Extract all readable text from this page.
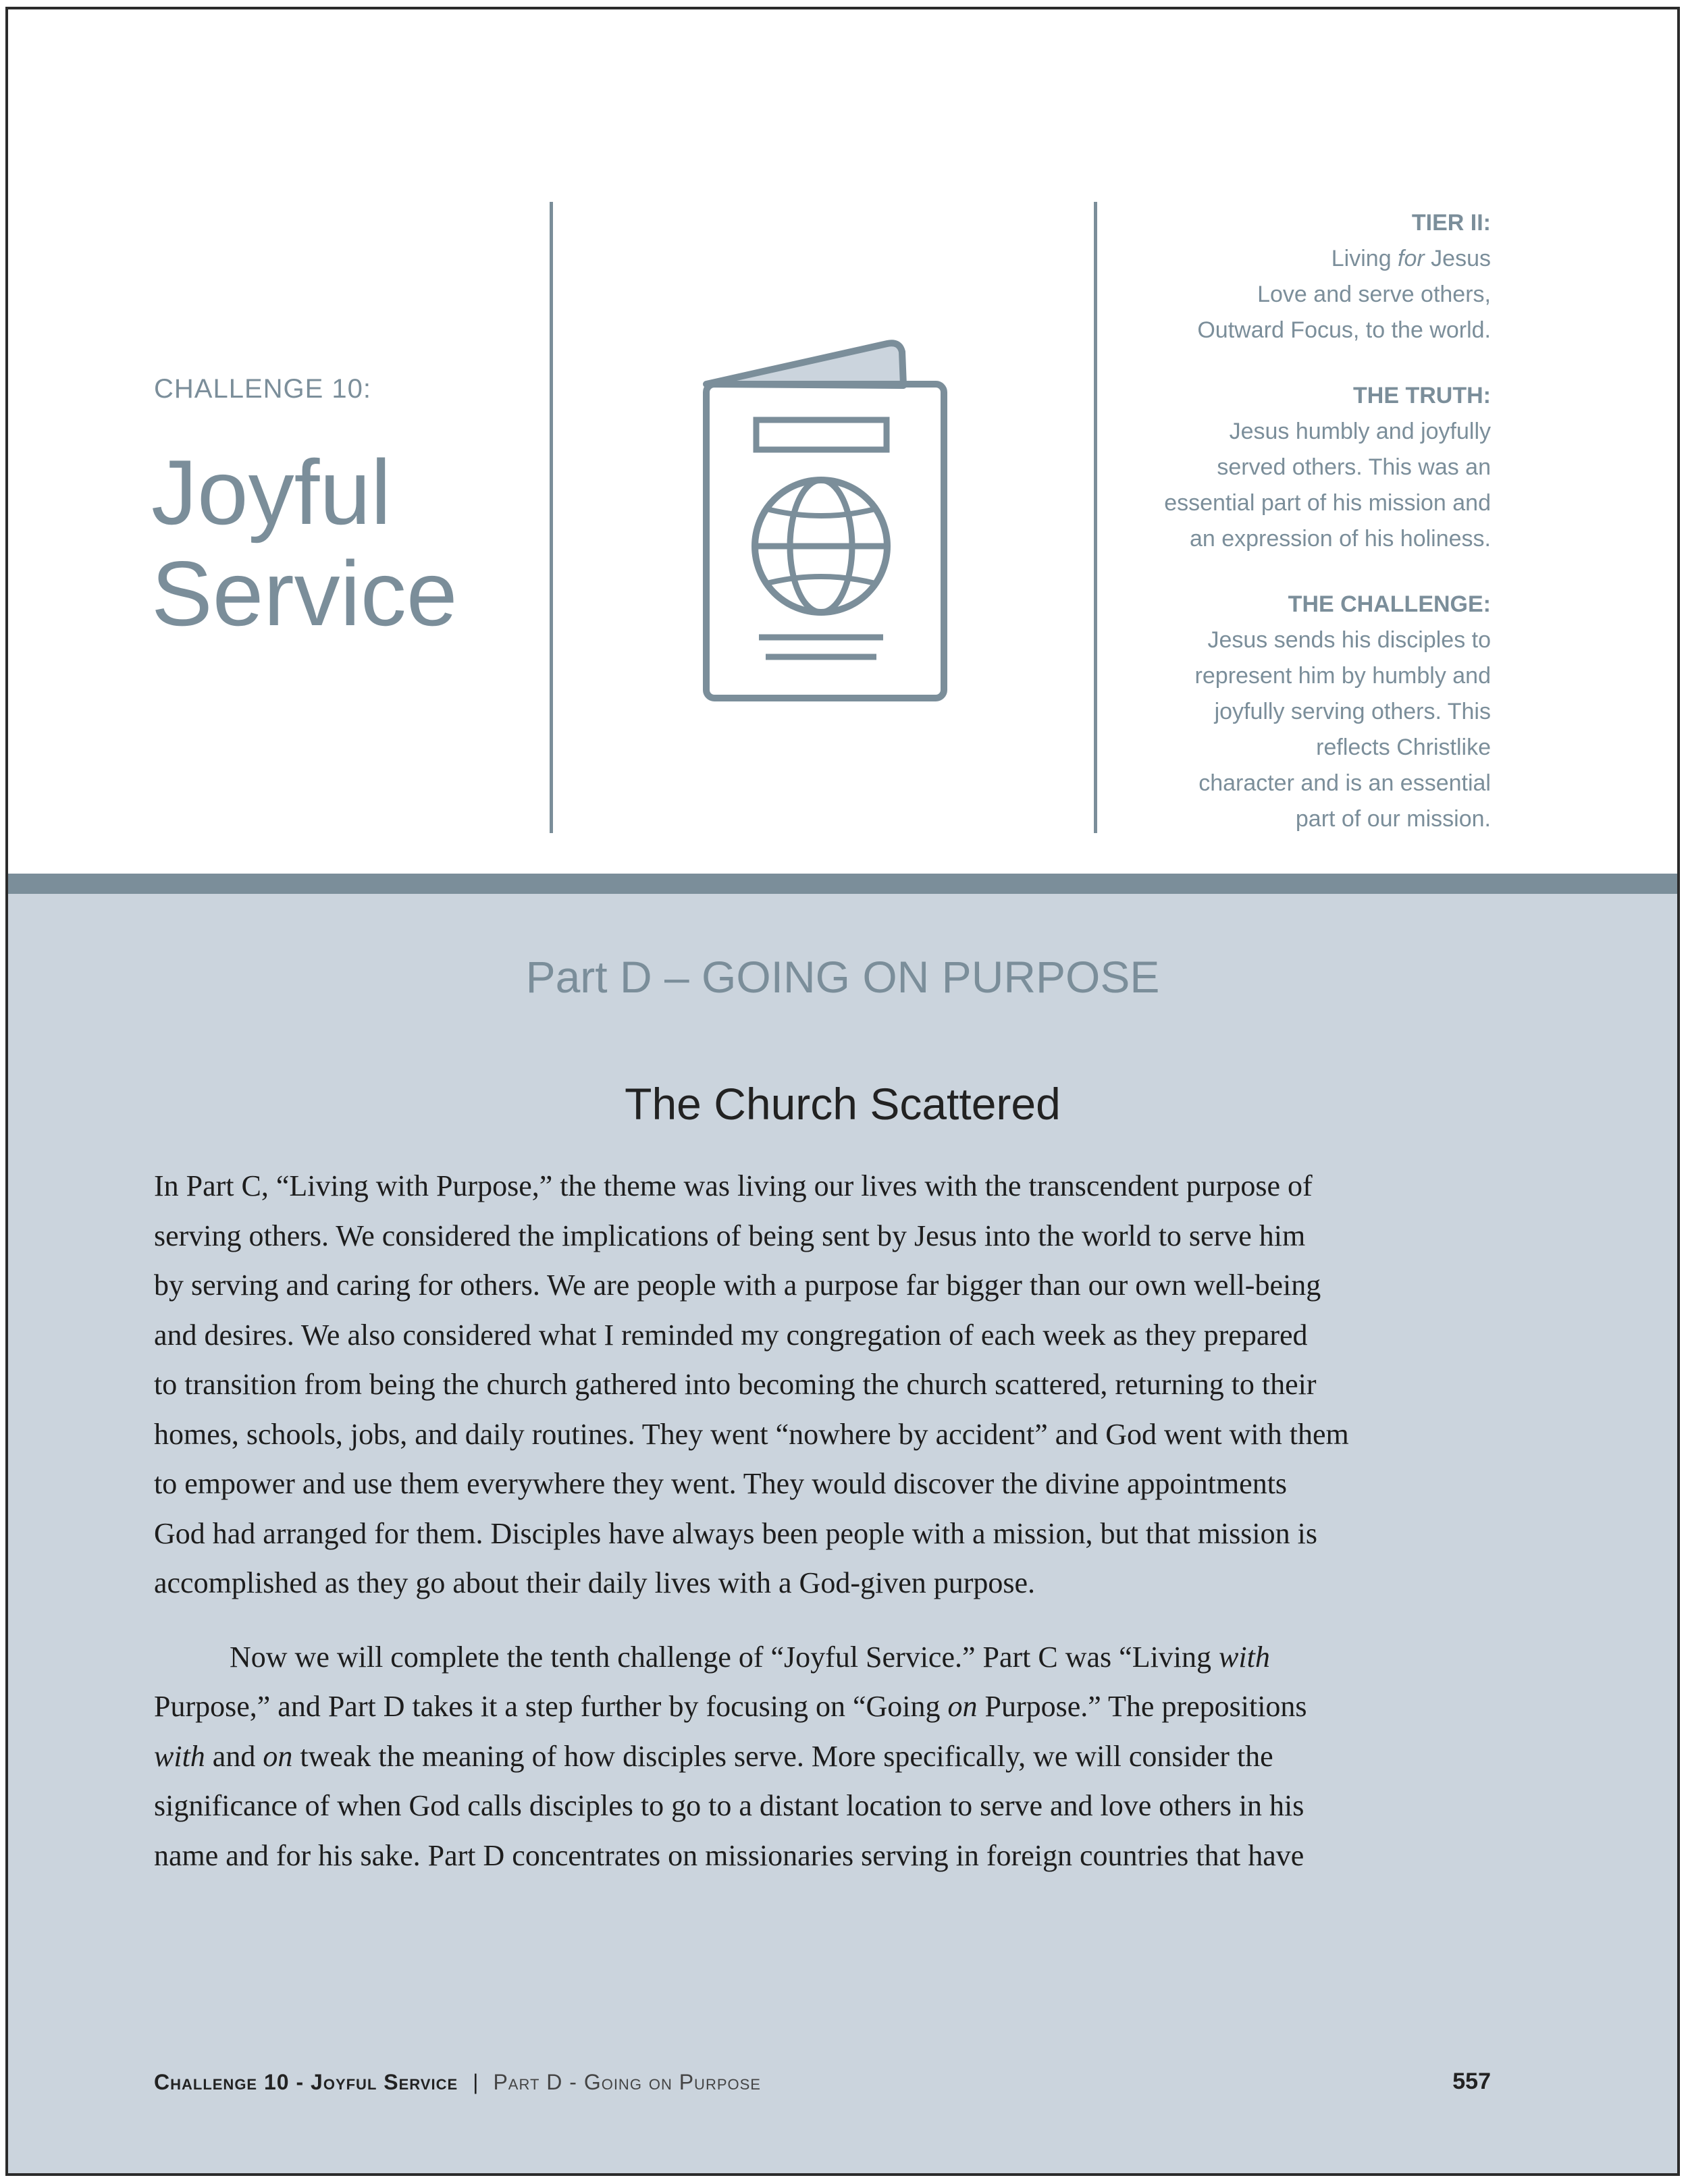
CHALLENGE 10:
Joyful
Service
TIER II:
Living for Jesus
Love and serve others,
Outward Focus, to the world.
THE TRUTH:
Jesus humbly and joyfully
served others. This was an
essential part of his mission and
an expression of his holiness.
THE CHALLENGE:
Jesus sends his disciples to
represent him by humbly and
joyfully serving others. This
reflects Christlike
character and is an essential
part of our mission.
Part D – GOING ON PURPOSE
The Church Scattered
In Part C, “Living with Purpose,” the theme was living our lives with the transcendent purpose of
serving others. We considered the implications of being sent by Jesus into the world to serve him
by serving and caring for others. We are people with a purpose far bigger than our own well-being
and desires. We also considered what I reminded my congregation of each week as they prepared
to transition from being the church gathered into becoming the church scattered, returning to their
homes, schools, jobs, and daily routines. They went “nowhere by accident” and God went with them
to empower and use them everywhere they went. They would discover the divine appointments
God had arranged for them. Disciples have always been people with a mission, but that mission is
accomplished as they go about their daily lives with a God-given purpose.
Now we will complete the tenth challenge of “Joyful Service.” Part C was “Living with
Purpose,” and Part D takes it a step further by focusing on “Going on Purpose.” The prepositions
with and on tweak the meaning of how disciples serve. More specifically, we will consider the
significance of when God calls disciples to go to a distant location to serve and love others in his
name and for his sake. Part D concentrates on missionaries serving in foreign countries that have
Challenge 10 - Joyful Service | Part D - Going on Purpose	557
